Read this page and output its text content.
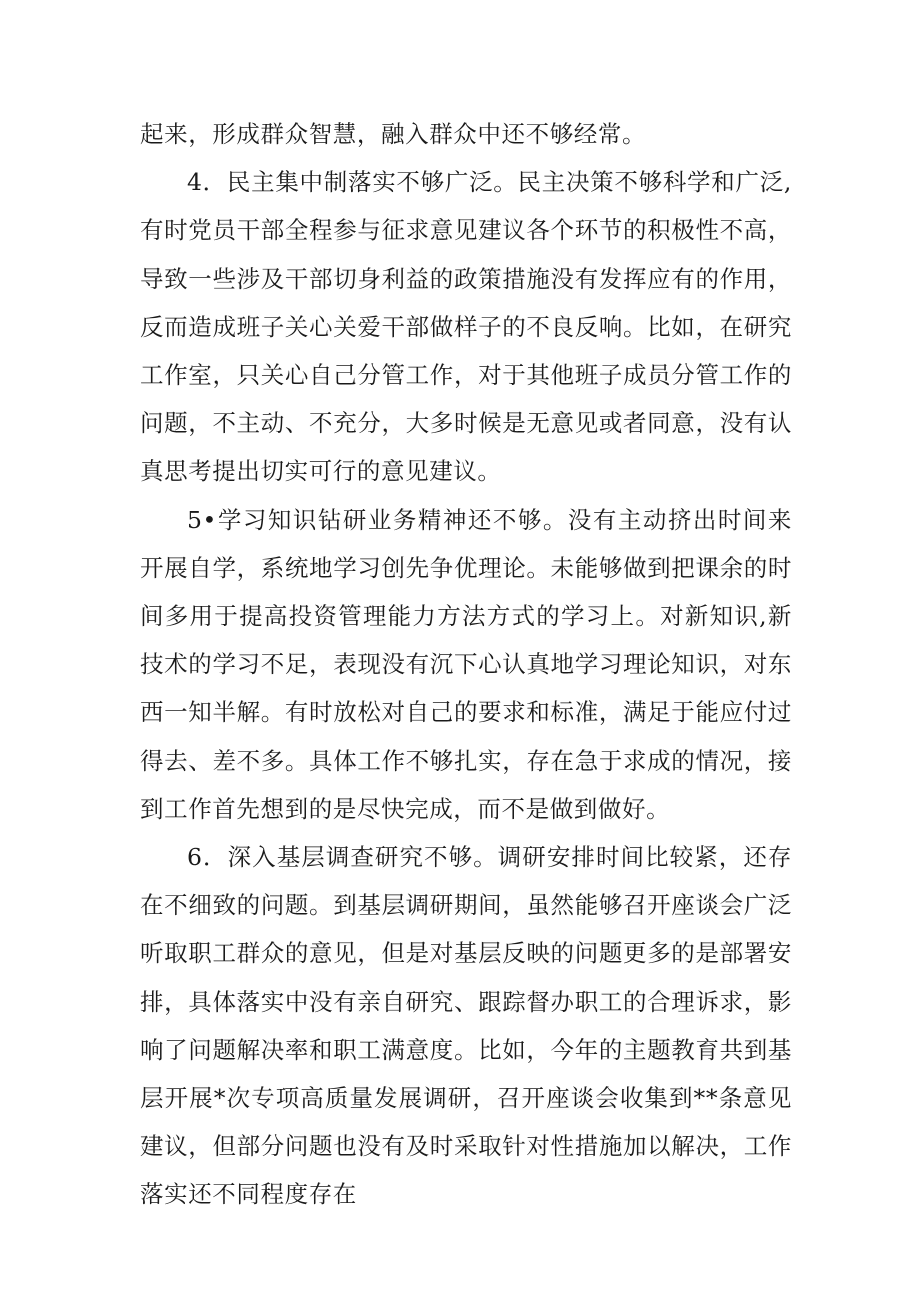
起来，形成群众智慧，融入群众中还不够经常。

4．民主集中制落实不够广泛。民主决策不够科学和广泛,有时党员干部全程参与征求意见建议各个环节的积极性不高，导致一些涉及干部切身利益的政策措施没有发挥应有的作用，反而造成班子关心关爱干部做样子的不良反响。比如，在研究工作室，只关心自己分管工作，对于其他班子成员分管工作的问题，不主动、不充分，大多时候是无意见或者同意，没有认真思考提出切实可行的意见建议。

5•学习知识钻研业务精神还不够。没有主动挤出时间来开展自学，系统地学习创先争优理论。未能够做到把课余的时间多用于提高投资管理能力方法方式的学习上。对新知识,新技术的学习不足，表现没有沉下心认真地学习理论知识，对东西一知半解。有时放松对自己的要求和标准，满足于能应付过得去、差不多。具体工作不够扎实，存在急于求成的情况，接到工作首先想到的是尽快完成，而不是做到做好。

6．深入基层调查研究不够。调研安排时间比较紧，还存在不细致的问题。到基层调研期间，虽然能够召开座谈会广泛听取职工群众的意见，但是对基层反映的问题更多的是部署安排，具体落实中没有亲自研究、跟踪督办职工的合理诉求，影响了问题解决率和职工满意度。比如，今年的主题教育共到基层开展*次专项高质量发展调研，召开座谈会收集到**条意见建议，但部分问题也没有及时采取针对性措施加以解决，工作落实还不同程度存在
